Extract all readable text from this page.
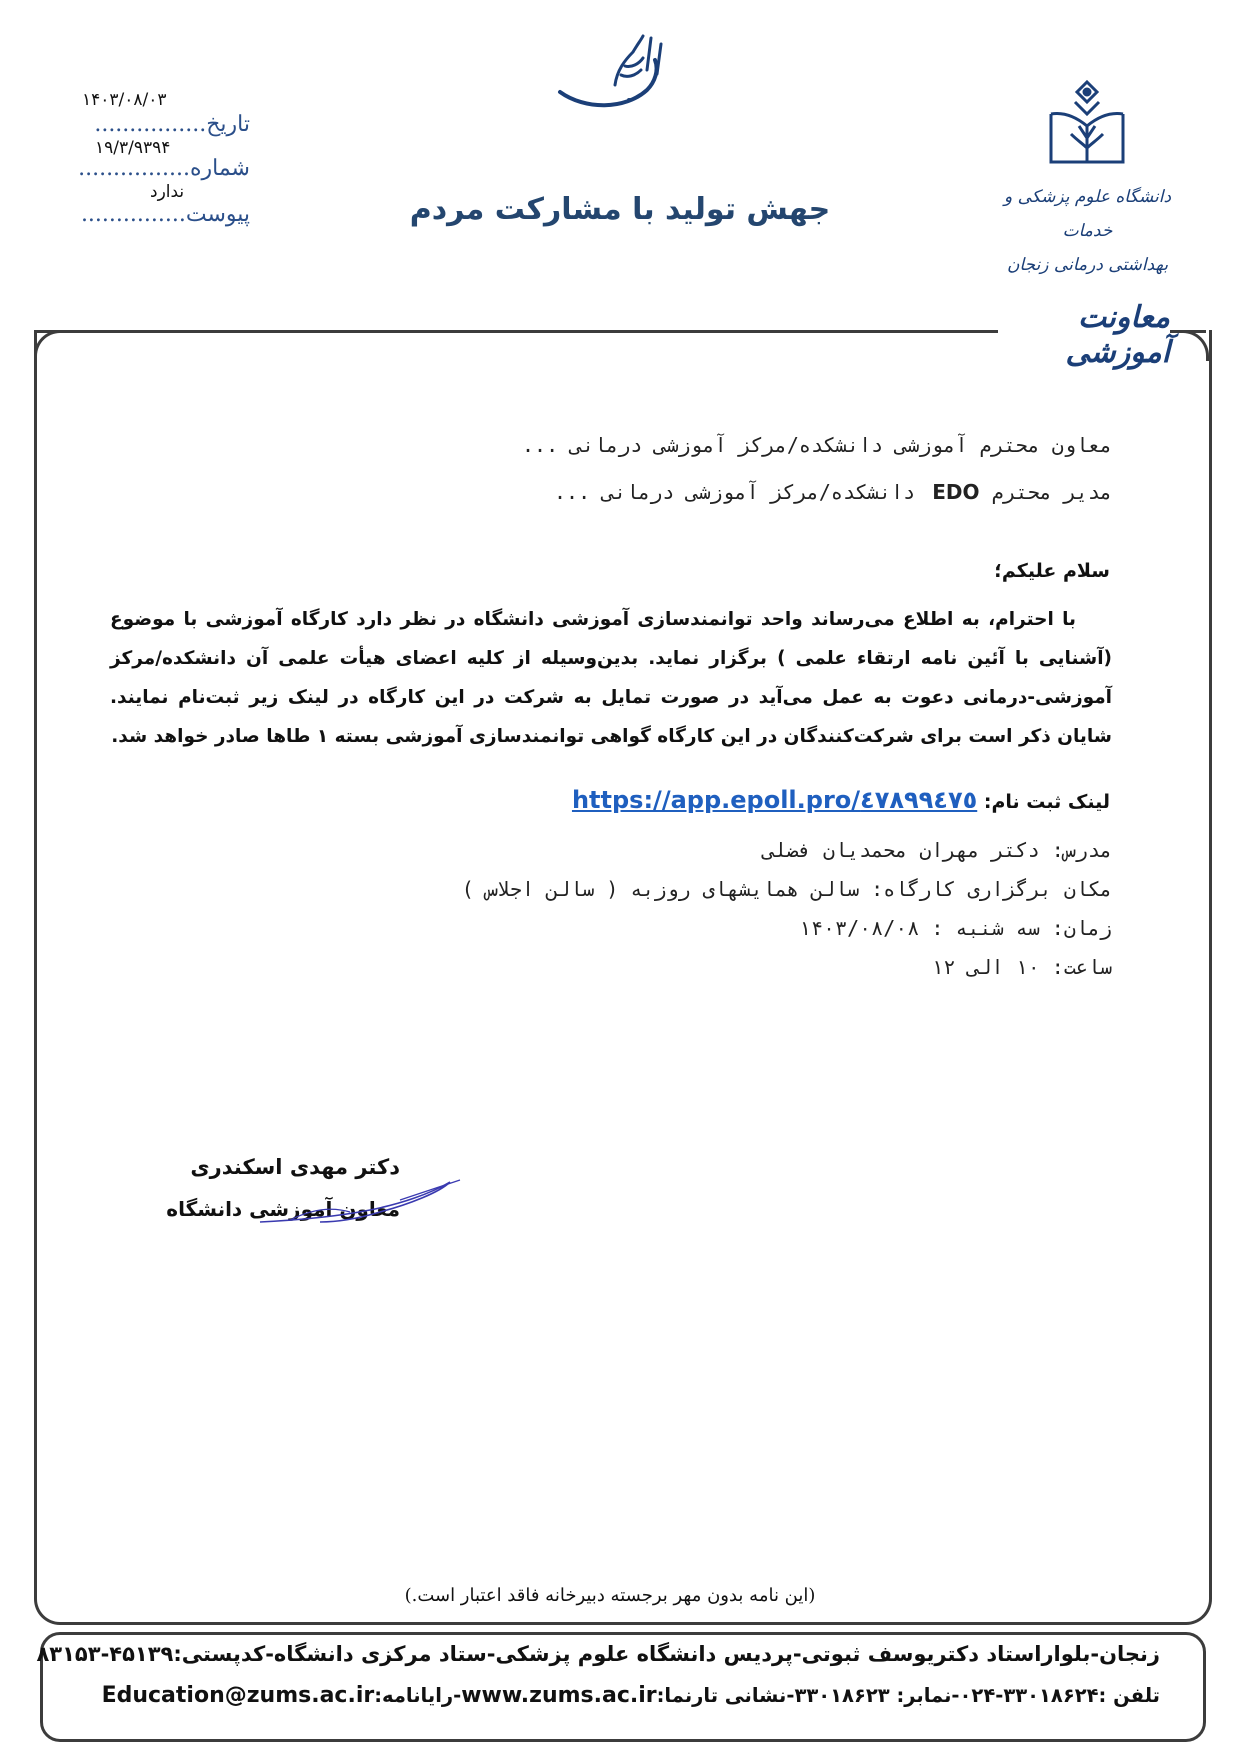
جهش تولید با مشارکت مردم
۱۴۰۳/۰۸/۰۳
تاریخ................
۱۹/۳/۹۳۹۴
شماره................
ندارد
پیوست...............
دانشگاه علوم پزشکی و خدمات
بهداشتی درمانی زنجان
معاونت آموزشی
معاون محترم آموزشی دانشکده/مرکز آموزشی درمانی ...
مدیر محترم EDO دانشکده/مرکز آموزشی درمانی ...
سلام علیکم؛

با احترام، به اطلاع می‌رساند واحد توانمندسازی آموزشی دانشگاه در نظر دارد کارگاه آموزشی با موضوع (آشنایی با آئین نامه ارتقاء علمی ) برگزار نماید. بدین‌وسیله از کلیه اعضای هیأت علمی آن دانشکده/مرکز آموزشی-درمانی دعوت به عمل می‌آید در صورت تمایل به شرکت در این کارگاه در لینک زیر ثبت‌نام نمایند. شایان ذکر است برای شرکت‌کنندگان در این کارگاه گواهی توانمندسازی آموزشی بسته ۱ طاها صادر خواهد شد.

لینک ثبت نام: https://app.epoll.pro/٤٧٨٩٩٤٧٥
مدرس: دکتر مهران محمدیان فضلی
مکان برگزاری کارگاه: سالن همایشهای روزبه ( سالن اجلاس )
زمان: سه شنبه : ۱۴۰۳/۰۸/۰۸
ساعت: ۱۰ الی ۱۲
دکتر مهدی اسکندری
معاون آموزشی دانشگاه
(این نامه بدون مهر برجسته دبیرخانه فاقد اعتبار است.)
زنجان-بلواراستاد دکتریوسف ثبوتی-پردیس دانشگاه علوم پزشکی-ستاد مرکزی دانشگاه-کدپستی:۴۵۱۳۹-۸۳۱۵۳
تلفن :۳۳۰۱۸۶۲۴-۰۲۴-نمابر: ۳۳۰۱۸۶۲۳-نشانی تارنما:www.zums.ac.ir-رایانامه:Education@zums.ac.ir
